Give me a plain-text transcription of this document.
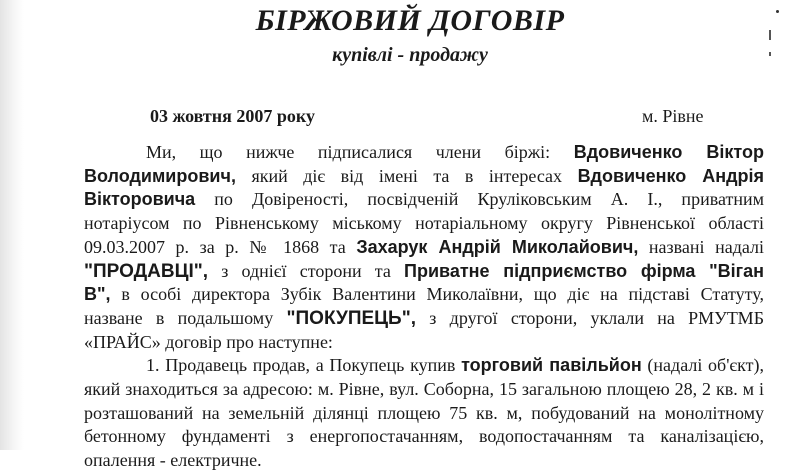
БІРЖОВИЙ ДОГОВІР
купівлі - продажу
03 жовтня 2007 року	м. Рівне
Ми, що нижче підписалися члени біржі: Вдовиченко Віктор
Володимирович, який діє від імені та в інтересах Вдовиченко Андрія
Вікторовича по Довіреності, посвідченій Круліковським А. І., приватним
нотаріусом по Рівненському міському нотаріальному округу Рівненської області
09.03.2007 р. за р. № 1868 та Захарук Андрій Миколайович, названі надалі
"ПРОДАВЦІ", з однієї сторони та Приватне підприємство фірма "Віган
В", в особі директора Зубік Валентини Миколаївни, що діє на підставі Статуту,
назване в подальшому "ПОКУПЕЦЬ", з другої сторони, уклали на РМУТМБ
«ПРАЙС» договір про наступне:
1. Продавець продав, а Покупець купив торговий павільйон (надалі об'єкт),
який знаходиться за адресою: м. Рівне, вул. Соборна, 15 загальною площею 28, 2 кв. м і
розташований на земельній ділянці площею 75 кв. м, побудований на монолітному
бетонному фундаменті з енергопостачанням, водопостачанням та каналізацією,
опалення - електричне.
